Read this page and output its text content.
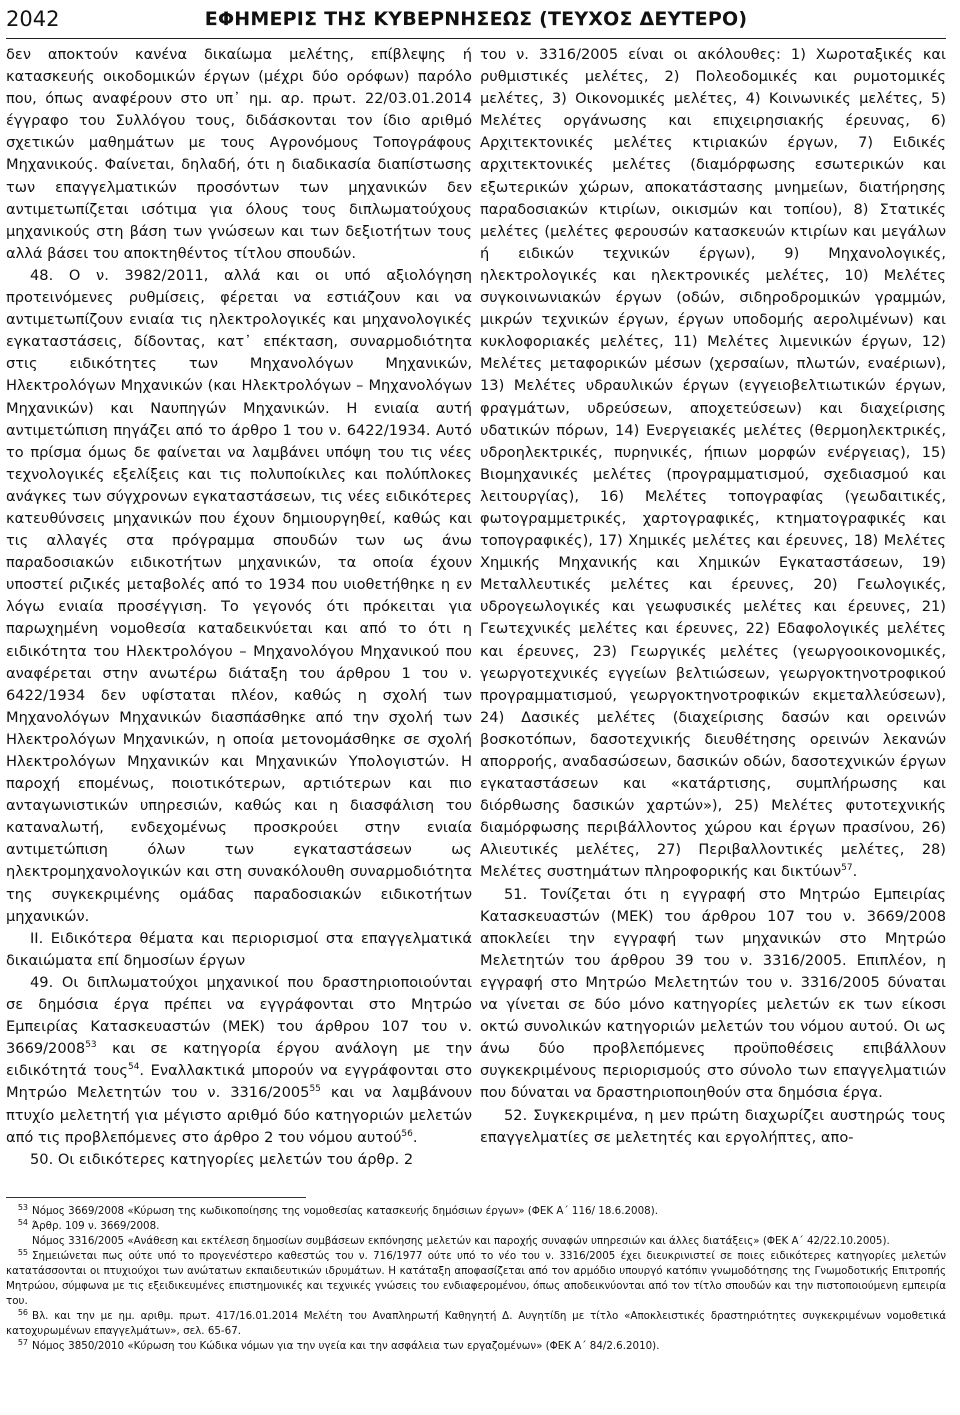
2042	ΕΦΗΜΕΡΙΣ ΤΗΣ ΚΥΒΕΡΝΗΣΕΩΣ (ΤΕΥΧΟΣ ΔΕΥΤΕΡΟ)

δεν αποκτούν κανένα δικαίωμα μελέτης, επίβλεψης ή κατασκευής οικοδομικών έργων (μέχρι δύο ορόφων) παρόλο που, όπως αναφέρουν στο υπ᾽ ημ. αρ. πρωτ. 22/03.01.2014 έγγραφο του Συλλόγου τους, διδάσκονται τον ίδιο αριθμό σχετικών μαθημάτων με τους Αγρονόμους Τοπογράφους Μηχανικούς. Φαίνεται, δηλαδή, ότι η διαδικασία διαπίστωσης των επαγγελματικών προσόντων των μηχανικών δεν αντιμετωπίζεται ισότιμα για όλους τους διπλωματούχους μηχανικούς στη βάση των γνώσεων και των δεξιοτήτων τους αλλά βάσει του αποκτηθέντος τίτλου σπουδών.

48. Ο ν. 3982/2011, αλλά και οι υπό αξιολόγηση προτεινόμενες ρυθμίσεις, φέρεται να εστιάζουν και να αντιμετωπίζουν ενιαία τις ηλεκτρολογικές και μηχανολογικές εγκαταστάσεις, δίδοντας, κατ᾽ επέκταση, συναρμοδιότητα στις ειδικότητες των Μηχανολόγων Μηχανικών, Ηλεκτρολόγων Μηχανικών (και Ηλεκτρολόγων – Μηχανολόγων Μηχανικών) και Ναυπηγών Μηχανικών. Η ενιαία αυτή αντιμετώπιση πηγάζει από το άρθρο 1 του ν. 6422/1934. Αυτό το πρίσμα όμως δε φαίνεται να λαμβάνει υπόψη του τις νέες τεχνολογικές εξελίξεις και τις πολυποίκιλες και πολύπλοκες ανάγκες των σύγχρονων εγκαταστάσεων, τις νέες ειδικότερες κατευθύνσεις μηχανικών που έχουν δημιουργηθεί, καθώς και τις αλλαγές στα πρόγραμμα σπουδών των ως άνω παραδοσιακών ειδικοτήτων μηχανικών, τα οποία έχουν υποστεί ριζικές μεταβολές από το 1934 που υιοθετήθηκε η εν λόγω ενιαία προσέγγιση. Το γεγονός ότι πρόκειται για παρωχημένη νομοθεσία καταδεικνύεται και από το ότι η ειδικότητα του Ηλεκτρολόγου – Μηχανολόγου Μηχανικού που αναφέρεται στην ανωτέρω διάταξη του άρθρου 1 του ν. 6422/1934 δεν υφίσταται πλέον, καθώς η σχολή των Μηχανολόγων Μηχανικών διασπάσθηκε από την σχολή των Ηλεκτρολόγων Μηχανικών, η οποία μετονομάσθηκε σε σχολή Ηλεκτρολόγων Μηχανικών και Μηχανικών Υπολογιστών. Η παροχή επομένως, ποιοτικότερων, αρτιότερων και πιο ανταγωνιστικών υπηρεσιών, καθώς και η διασφάλιση του καταναλωτή, ενδεχομένως προσκρούει στην ενιαία αντιμετώπιση όλων των εγκαταστάσεων ως ηλεκτρομηχανολογικών και στη συνακόλουθη συναρμοδιότητα της συγκεκριμένης ομάδας παραδοσιακών ειδικοτήτων μηχανικών.

ΙΙ. Ειδικότερα θέματα και περιορισμοί στα επαγγελματικά δικαιώματα επί δημοσίων έργων

49. Οι διπλωματούχοι μηχανικοί που δραστηριοποιούνται σε δημόσια έργα πρέπει να εγγράφονται στο Μητρώο Εμπειρίας Κατασκευαστών (ΜΕΚ) του άρθρου 107 του ν. 3669/2008$^{53}$ και σε κατηγορία έργου ανάλογη με την ειδικότητά τους$^{54}$. Εναλλακτικά μπορούν να εγγράφονται στο Μητρώο Μελετητών του ν. 3316/2005$^{55}$ και να λαμβάνουν πτυχίο μελετητή για μέγιστο αριθμό δύο κατηγοριών μελετών από τις προβλεπόμενες στο άρθρο 2 του νόμου αυτού$^{56}$.

50. Οι ειδικότερες κατηγορίες μελετών του άρθρ. 2

του ν. 3316/2005 είναι οι ακόλουθες: 1) Χωροταξικές και ρυθμιστικές μελέτες, 2) Πολεοδομικές και ρυμοτομικές μελέτες, 3) Οικονομικές μελέτες, 4) Κοινωνικές μελέτες, 5) Μελέτες οργάνωσης και επιχειρησιακής έρευνας, 6) Αρχιτεκτονικές μελέτες κτιριακών έργων, 7) Ειδικές αρχιτεκτονικές μελέτες (διαμόρφωσης εσωτερικών και εξωτερικών χώρων, αποκατάστασης μνημείων, διατήρησης παραδοσιακών κτιρίων, οικισμών και τοπίου), 8) Στατικές μελέτες (μελέτες φερουσών κατασκευών κτιρίων και μεγάλων ή ειδικών τεχνικών έργων), 9) Μηχανολογικές, ηλεκτρολογικές και ηλεκτρονικές μελέτες, 10) Μελέτες συγκοινωνιακών έργων (οδών, σιδηροδρομικών γραμμών, μικρών τεχνικών έργων, έργων υποδομής αερολιμένων) και κυκλοφοριακές μελέτες, 11) Μελέτες λιμενικών έργων, 12) Μελέτες μεταφορικών μέσων (χερσαίων, πλωτών, εναέριων), 13) Μελέτες υδραυλικών έργων (εγγειοβελτιωτικών έργων, φραγμάτων, υδρεύσεων, αποχετεύσεων) και διαχείρισης υδατικών πόρων, 14) Ενεργειακές μελέτες (θερμοηλεκτρικές, υδροηλεκτρικές, πυρηνικές, ήπιων μορφών ενέργειας), 15) Βιομηχανικές μελέτες (προγραμματισμού, σχεδιασμού και λειτουργίας), 16) Μελέτες τοπογραφίας (γεωδαιτικές, φωτογραμμετρικές, χαρτογραφικές, κτηματογραφικές και τοπογραφικές), 17) Χημικές μελέτες και έρευνες, 18) Μελέτες Χημικής Μηχανικής και Χημικών Εγκαταστάσεων, 19) Μεταλλευτικές μελέτες και έρευνες, 20) Γεωλογικές, υδρογεωλογικές και γεωφυσικές μελέτες και έρευνες, 21) Γεωτεχνικές μελέτες και έρευνες, 22) Εδαφολογικές μελέτες και έρευνες, 23) Γεωργικές μελέτες (γεωργοοικονομικές, γεωργοτεχνικές εγγείων βελτιώσεων, γεωργοκτηνοτροφικού προγραμματισμού, γεωργοκτηνοτροφικών εκμεταλλεύσεων), 24) Δασικές μελέτες (διαχείρισης δασών και ορεινών βοσκοτόπων, δασοτεχνικής διευθέτησης ορεινών λεκανών απορροής, αναδασώσεων, δασικών οδών, δασοτεχνικών έργων εγκαταστάσεων και «κατάρτισης, συμπλήρωσης και διόρθωσης δασικών χαρτών»), 25) Μελέτες φυτοτεχνικής διαμόρφωσης περιβάλλοντος χώρου και έργων πρασίνου, 26) Αλιευτικές μελέτες, 27) Περιβαλλοντικές μελέτες, 28) Μελέτες συστημάτων πληροφορικής και δικτύων$^{57}$.

51. Τονίζεται ότι η εγγραφή στο Μητρώο Εμπειρίας Κατασκευαστών (ΜΕΚ) του άρθρου 107 του ν. 3669/2008 αποκλείει την εγγραφή των μηχανικών στο Μητρώο Μελετητών του άρθρου 39 του ν. 3316/2005. Επιπλέον, η εγγραφή στο Μητρώο Μελετητών του ν. 3316/2005 δύναται να γίνεται σε δύο μόνο κατηγορίες μελετών εκ των είκοσι οκτώ συνολικών κατηγοριών μελετών του νόμου αυτού. Οι ως άνω δύο προβλεπόμενες προϋποθέσεις επιβάλλουν συγκεκριμένους περιορισμούς στο σύνολο των επαγγελματιών που δύναται να δραστηριοποιηθούν στα δημόσια έργα.

52. Συγκεκριμένα, η μεν πρώτη διαχωρίζει αυστηρώς τους επαγγελματίες σε μελετητές και εργολήπτες, απο-

53 Νόμος 3669/2008 «Κύρωση της κωδικοποίησης της νομοθεσίας κατασκευής δημόσιων έργων» (ΦΕΚ Α΄ 116/ 18.6.2008).

54 Άρθρ. 109 ν. 3669/2008.

Νόμος 3316/2005 «Ανάθεση και εκτέλεση δημοσίων συμβάσεων εκπόνησης μελετών και παροχής συναφών υπηρεσιών και άλλες διατάξεις» (ΦΕΚ Α΄ 42/22.10.2005).

55 Σημειώνεται πως ούτε υπό το προγενέστερο καθεστώς του ν. 716/1977 ούτε υπό το νέο του ν. 3316/2005 έχει διευκρινιστεί σε ποιες ειδικότερες κατηγορίες μελετών κατατάσσονται οι πτυχιούχοι των ανώτατων εκπαιδευτικών ιδρυμάτων. Η κατάταξη αποφασίζεται από τον αρμόδιο υπουργό κατόπιν γνωμοδότησης της Γνωμοδοτικής Επιτροπής Μητρώου, σύμφωνα με τις εξειδικευμένες επιστημονικές και τεχνικές γνώσεις του ενδιαφερομένου, όπως αποδεικνύονται από τον τίτλο σπουδών και την πιστοποιούμενη εμπειρία του.

56 Βλ. και την με ημ. αριθμ. πρωτ. 417/16.01.2014 Μελέτη του Αναπληρωτή Καθηγητή Δ. Αυγητίδη με τίτλο «Αποκλειστικές δραστηριότητες συγκεκριμένων νομοθετικά κατοχυρωμένων επαγγελμάτων», σελ. 65-67.

57 Νόμος 3850/2010 «Κύρωση του Κώδικα νόμων για την υγεία και την ασφάλεια των εργαζομένων» (ΦΕΚ Α΄ 84/2.6.2010).
